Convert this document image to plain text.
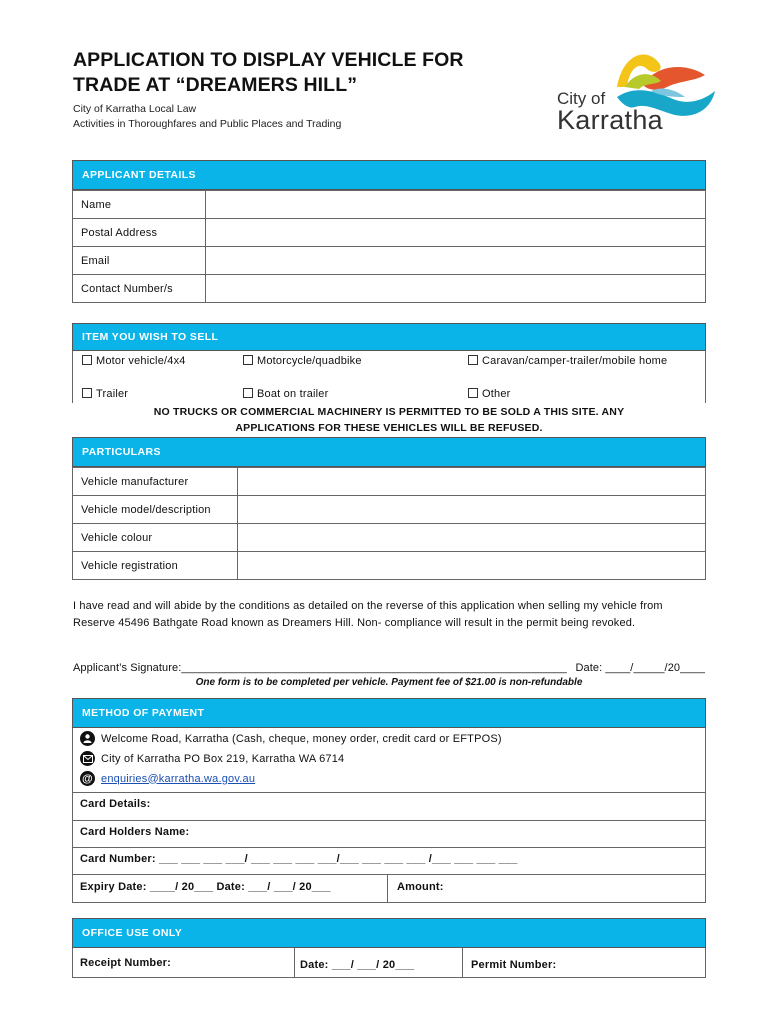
APPLICATION TO DISPLAY VEHICLE FOR
TRADE AT “DREAMERS HILL”
City of Karratha Local Law
Activities in Thoroughfares and Public Places and Trading
City of
Karratha
APPLICANT DETAILS
Name	
Postal Address	
Email	
Contact Number/s	
ITEM YOU WISH TO SELL
Motor vehicle/4x4	Motorcycle/quadbike	Caravan/camper-trailer/mobile home
Trailer	Boat on trailer	Other
NO TRUCKS OR COMMERCIAL MACHINERY IS PERMITTED TO BE SOLD A THIS SITE. ANY
APPLICATIONS FOR THESE VEHICLES WILL BE REFUSED.
PARTICULARS
Vehicle manufacturer	
Vehicle model/description	
Vehicle colour	
Vehicle registration	
I have read and will abide by the conditions as detailed on the reverse of this application when selling my vehicle from Reserve 45496 Bathgate Road known as Dreamers Hill. Non- compliance will result in the permit being revoked.
Applicant’s Signature:______________________________________________________________ Date: ____/_____/20____
One form is to be completed per vehicle. Payment fee of $21.00 is non-refundable
METHOD OF PAYMENT
Welcome Road, Karratha (Cash, cheque, money order, credit card or EFTPOS)
City of Karratha PO Box 219, Karratha WA 6714
@ enquiries@karratha.wa.gov.au
Card Details:
Card Holders Name:
Card Number: ___ ___ ___ ___/ ___ ___ ___ ___/___ ___ ___ ___ /___ ___ ___ ___
Expiry Date: ____/ 20___ Date: ___/ ___/ 20___	Amount:
OFFICE USE ONLY
Receipt Number:	Date: ___/ ___/ 20___	Permit Number:
